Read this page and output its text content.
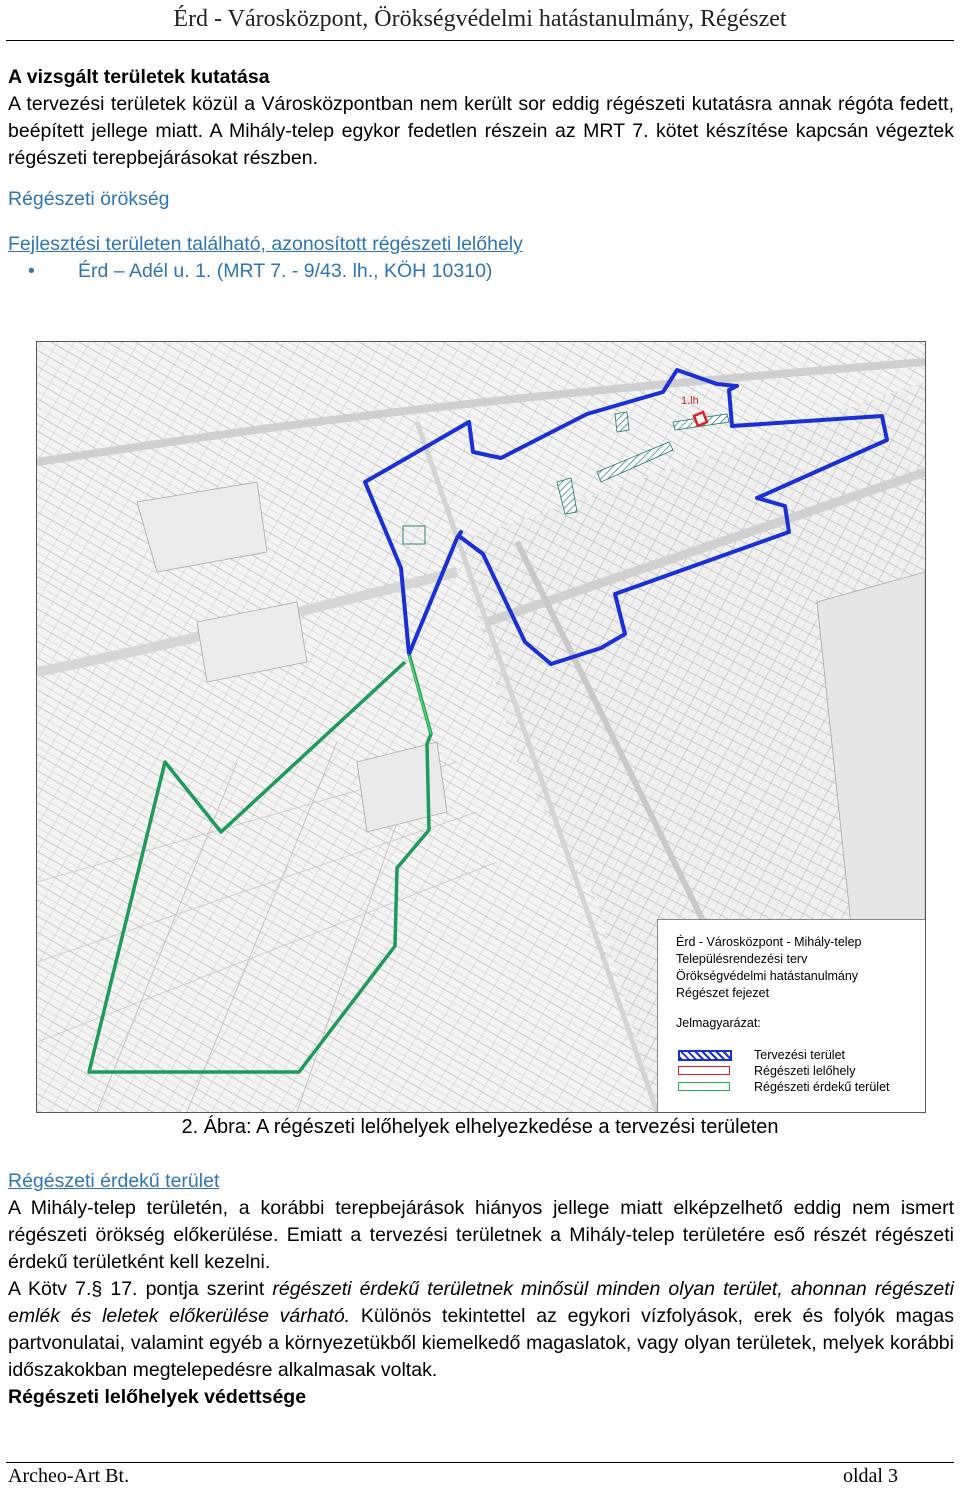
Érd - Városközpont, Örökségvédelmi hatástanulmány, Régészet

A vizsgált területek kutatása

A tervezési területek közül a Városközpontban nem került sor eddig régészeti kutatásra annak régóta fedett, beépített jellege miatt. A Mihály-telep egykor fedetlen részein az MRT 7. kötet készítése kapcsán végeztek régészeti terepbejárásokat részben.

Régészeti örökség

Fejlesztési területen található, azonosított régészeti lelőhely

• Érd – Adél u. 1. (MRT 7. - 9/43. lh., KÖH 10310)

1.lh
Érd - Városközpont - Mihály-telep
Településrendezési terv
Örökségvédelmi hatástanulmány
Régészet fejezet
Jelmagyarázat:
Tervezési terület
Régészeti lelőhely
Régészeti érdekű terület
2. Ábra: A régészeti lelőhelyek elhelyezkedése a tervezési területen

Régészeti érdekű terület

A Mihály-telep területén, a korábbi terepbejárások hiányos jellege miatt elképzelhető eddig nem ismert régészeti örökség előkerülése. Emiatt a tervezési területnek a Mihály-telep területére eső részét régészeti érdekű területként kell kezelni.

A Kötv 7.§ 17. pontja szerint régészeti érdekű területnek minősül minden olyan terület, ahonnan régészeti emlék és leletek előkerülése várható. Különös tekintettel az egykori vízfolyások, erek és folyók magas partvonulatai, valamint egyéb a környezetükből kiemelkedő magaslatok, vagy olyan területek, melyek korábbi időszakokban megtelepedésre alkalmasak voltak.

Régészeti lelőhelyek védettsége

Archeo-Art Bt.	oldal 3
